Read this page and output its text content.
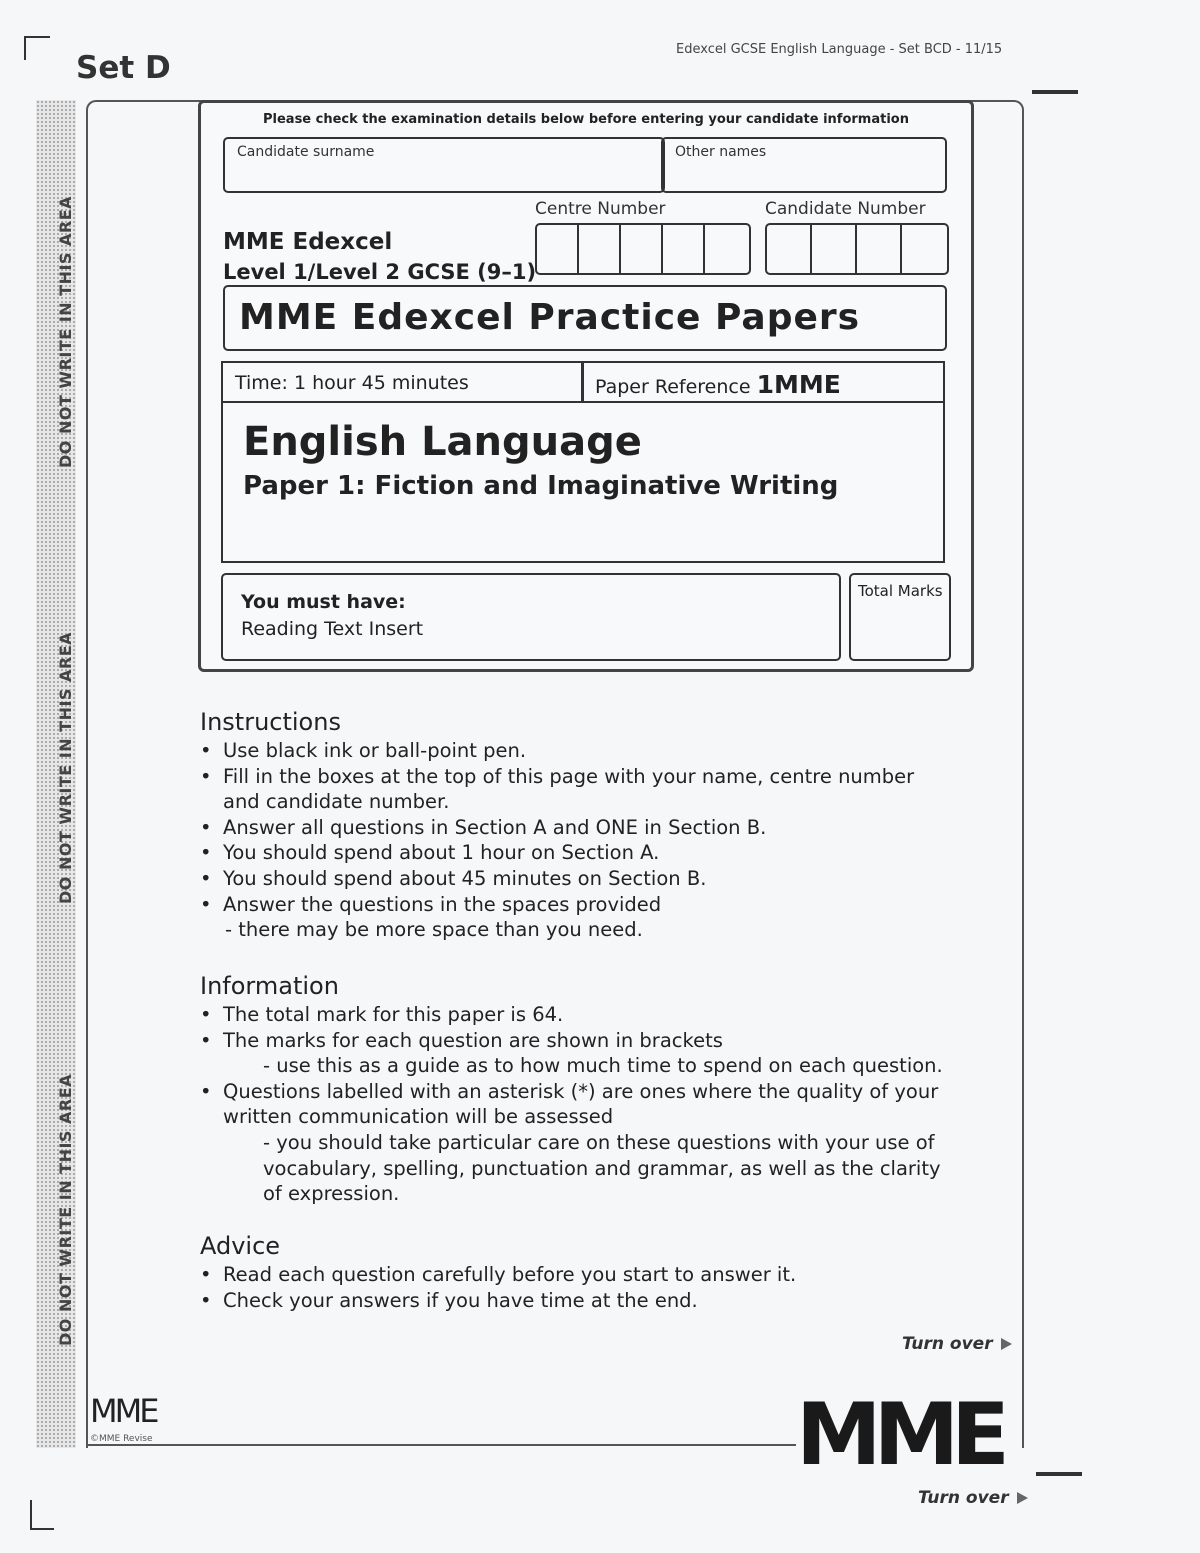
Set D
Edexcel GCSE English Language - Set BCD - 11/15
DO NOT WRITE IN THIS AREA
DO NOT WRITE IN THIS AREA
DO NOT WRITE IN THIS AREA
Please check the examination details below before entering your candidate information
Candidate surname	Other names
MME Edexcel
Level 1/Level 2 GCSE (9–1)
Centre Number	Candidate Number
MME Edexcel Practice Papers
Time: 1 hour 45 minutes	Paper Reference 1MME
English Language
Paper 1: Fiction and Imaginative Writing
You must have:
Reading Text Insert
Total Marks
Instructions
• Use black ink or ball-point pen.
• Fill in the boxes at the top of this page with your name, centre number
and candidate number.
• Answer all questions in Section A and ONE in Section B.
• You should spend about 1 hour on Section A.
• You should spend about 45 minutes on Section B.
• Answer the questions in the spaces provided
- there may be more space than you need.
Information
• The total mark for this paper is 64.
• The marks for each question are shown in brackets
- use this as a guide as to how much time to spend on each question.
• Questions labelled with an asterisk (*) are ones where the quality of your
written communication will be assessed
- you should take particular care on these questions with your use of
vocabulary, spelling, punctuation and grammar, as well as the clarity
of expression.
Advice
• Read each question carefully before you start to answer it.
• Check your answers if you have time at the end.
Turn over
MME
©MME Revise	MME
Turn over
